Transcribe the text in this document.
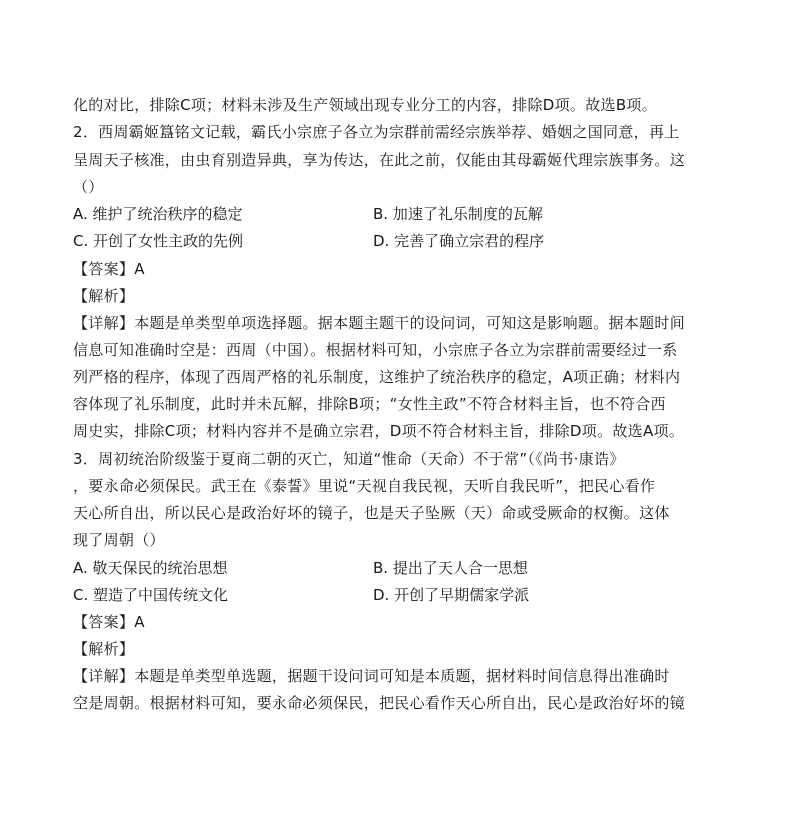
化的对比，排除C项；材料未涉及生产领域出现专业分工的内容，排除D项。故选B项。
2．西周霸姬簋铭文记载，霸氏小宗庶子各立为宗群前需经宗族举荐、婚姻之国同意，再上
呈周天子核准，由虫育别造异典，享为传达，在此之前，仅能由其母霸姬代理宗族事务。这
（）
A. 维护了统治秩序的稳定	B. 加速了礼乐制度的瓦解
C. 开创了女性主政的先例	D. 完善了确立宗君的程序
【答案】A
【解析】
【详解】本题是单类型单项选择题。据本题主题干的设问词，可知这是影响题。据本题时间
信息可知准确时空是：西周（中国）。根据材料可知，小宗庶子各立为宗群前需要经过一系
列严格的程序，体现了西周严格的礼乐制度，这维护了统治秩序的稳定，A项正确；材料内
容体现了礼乐制度，此时并未瓦解，排除B项；“女性主政”不符合材料主旨，也不符合西
周史实，排除C项；材料内容并不是确立宗君，D项不符合材料主旨，排除D项。故选A项。
3．周初统治阶级鉴于夏商二朝的灭亡，知道“惟命（天命）不于常”（《尚书·康诰》
，要永命必须保民。武王在《泰誓》里说“天视自我民视，天听自我民听”，把民心看作
天心所自出，所以民心是政治好坏的镜子，也是天子坠厥（天）命或受厥命的权衡。这体
现了周朝（）
A. 敬天保民的统治思想	B. 提出了天人合一思想
C. 塑造了中国传统文化	D. 开创了早期儒家学派
【答案】A
【解析】
【详解】本题是单类型单选题，据题干设问词可知是本质题，据材料时间信息得出准确时
空是周朝。根据材料可知，要永命必须保民，把民心看作天心所自出，民心是政治好坏的镜
